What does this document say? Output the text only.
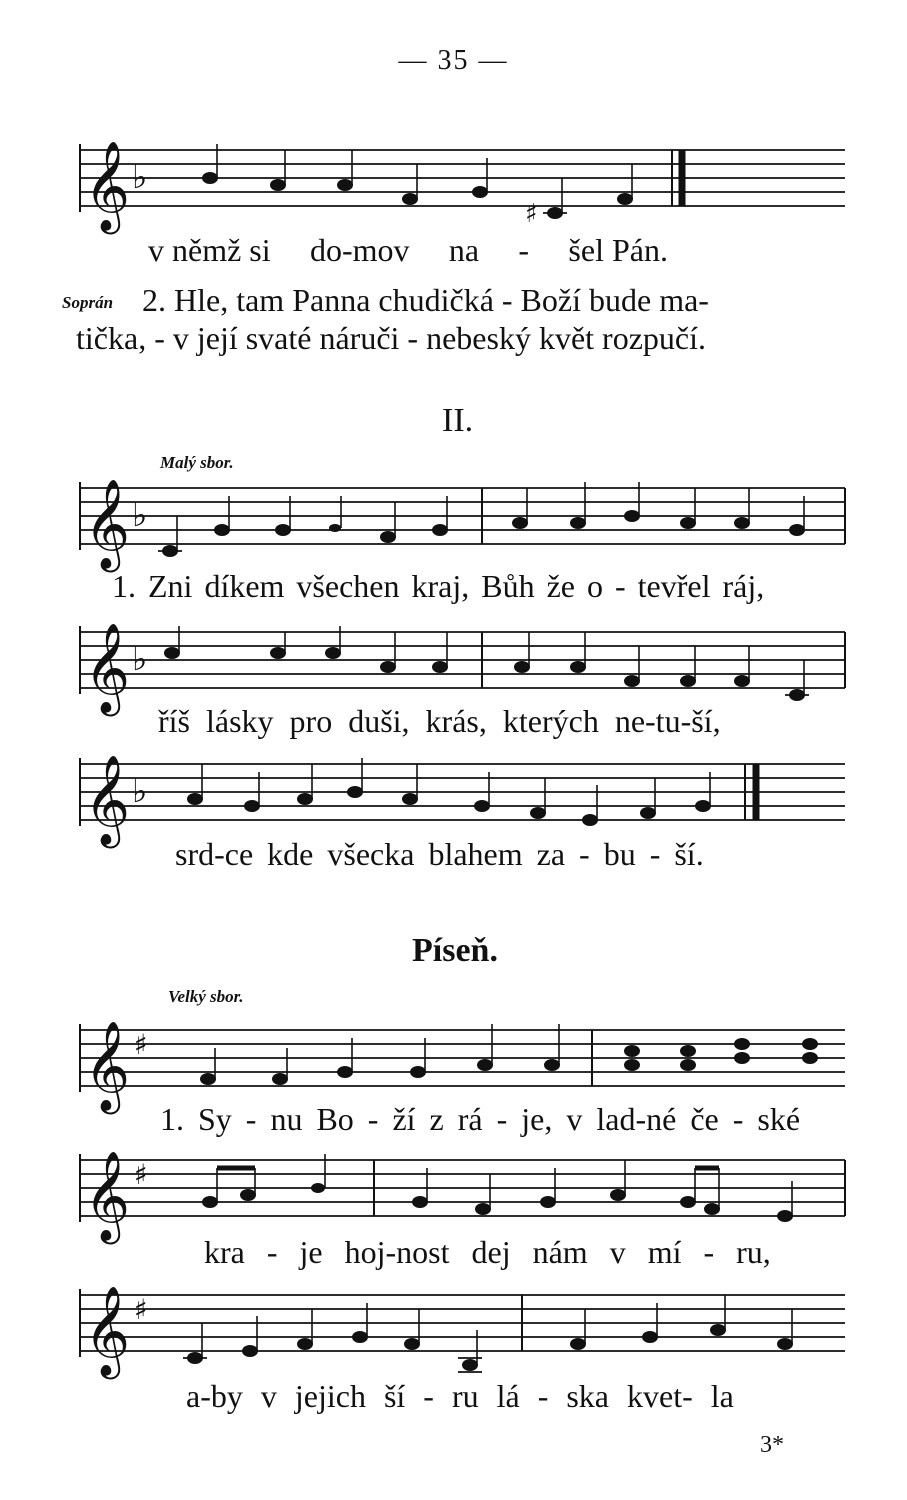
— 35 —
𝄞 ♭
♯
v němž si do-mov na - šel Pán.
Soprán 2. Hle, tam Panna chudičká - Boží bude ma-
tička, - v její svaté náruči - nebeský květ rozpučí.
II.
Malý sbor.
𝄞 ♭
1. Zni díkem všechen kraj, Bůh že o - tevřel ráj,
𝄞 ♭
říš lásky pro duši, krás, kterých ne-tu-ší,
𝄞 ♭
srd-ce kde všecka blahem za - bu - ší.
Píseň.
Velký sbor.
𝄞 ♯
1. Sy - nu Bo - ží z rá - je, v lad-né če - ské
𝄞 ♯
kra - je hoj-nost dej nám v mí - ru,
𝄞 ♯
a-by v jejich ší - ru lá - ska kvet- la
3*
